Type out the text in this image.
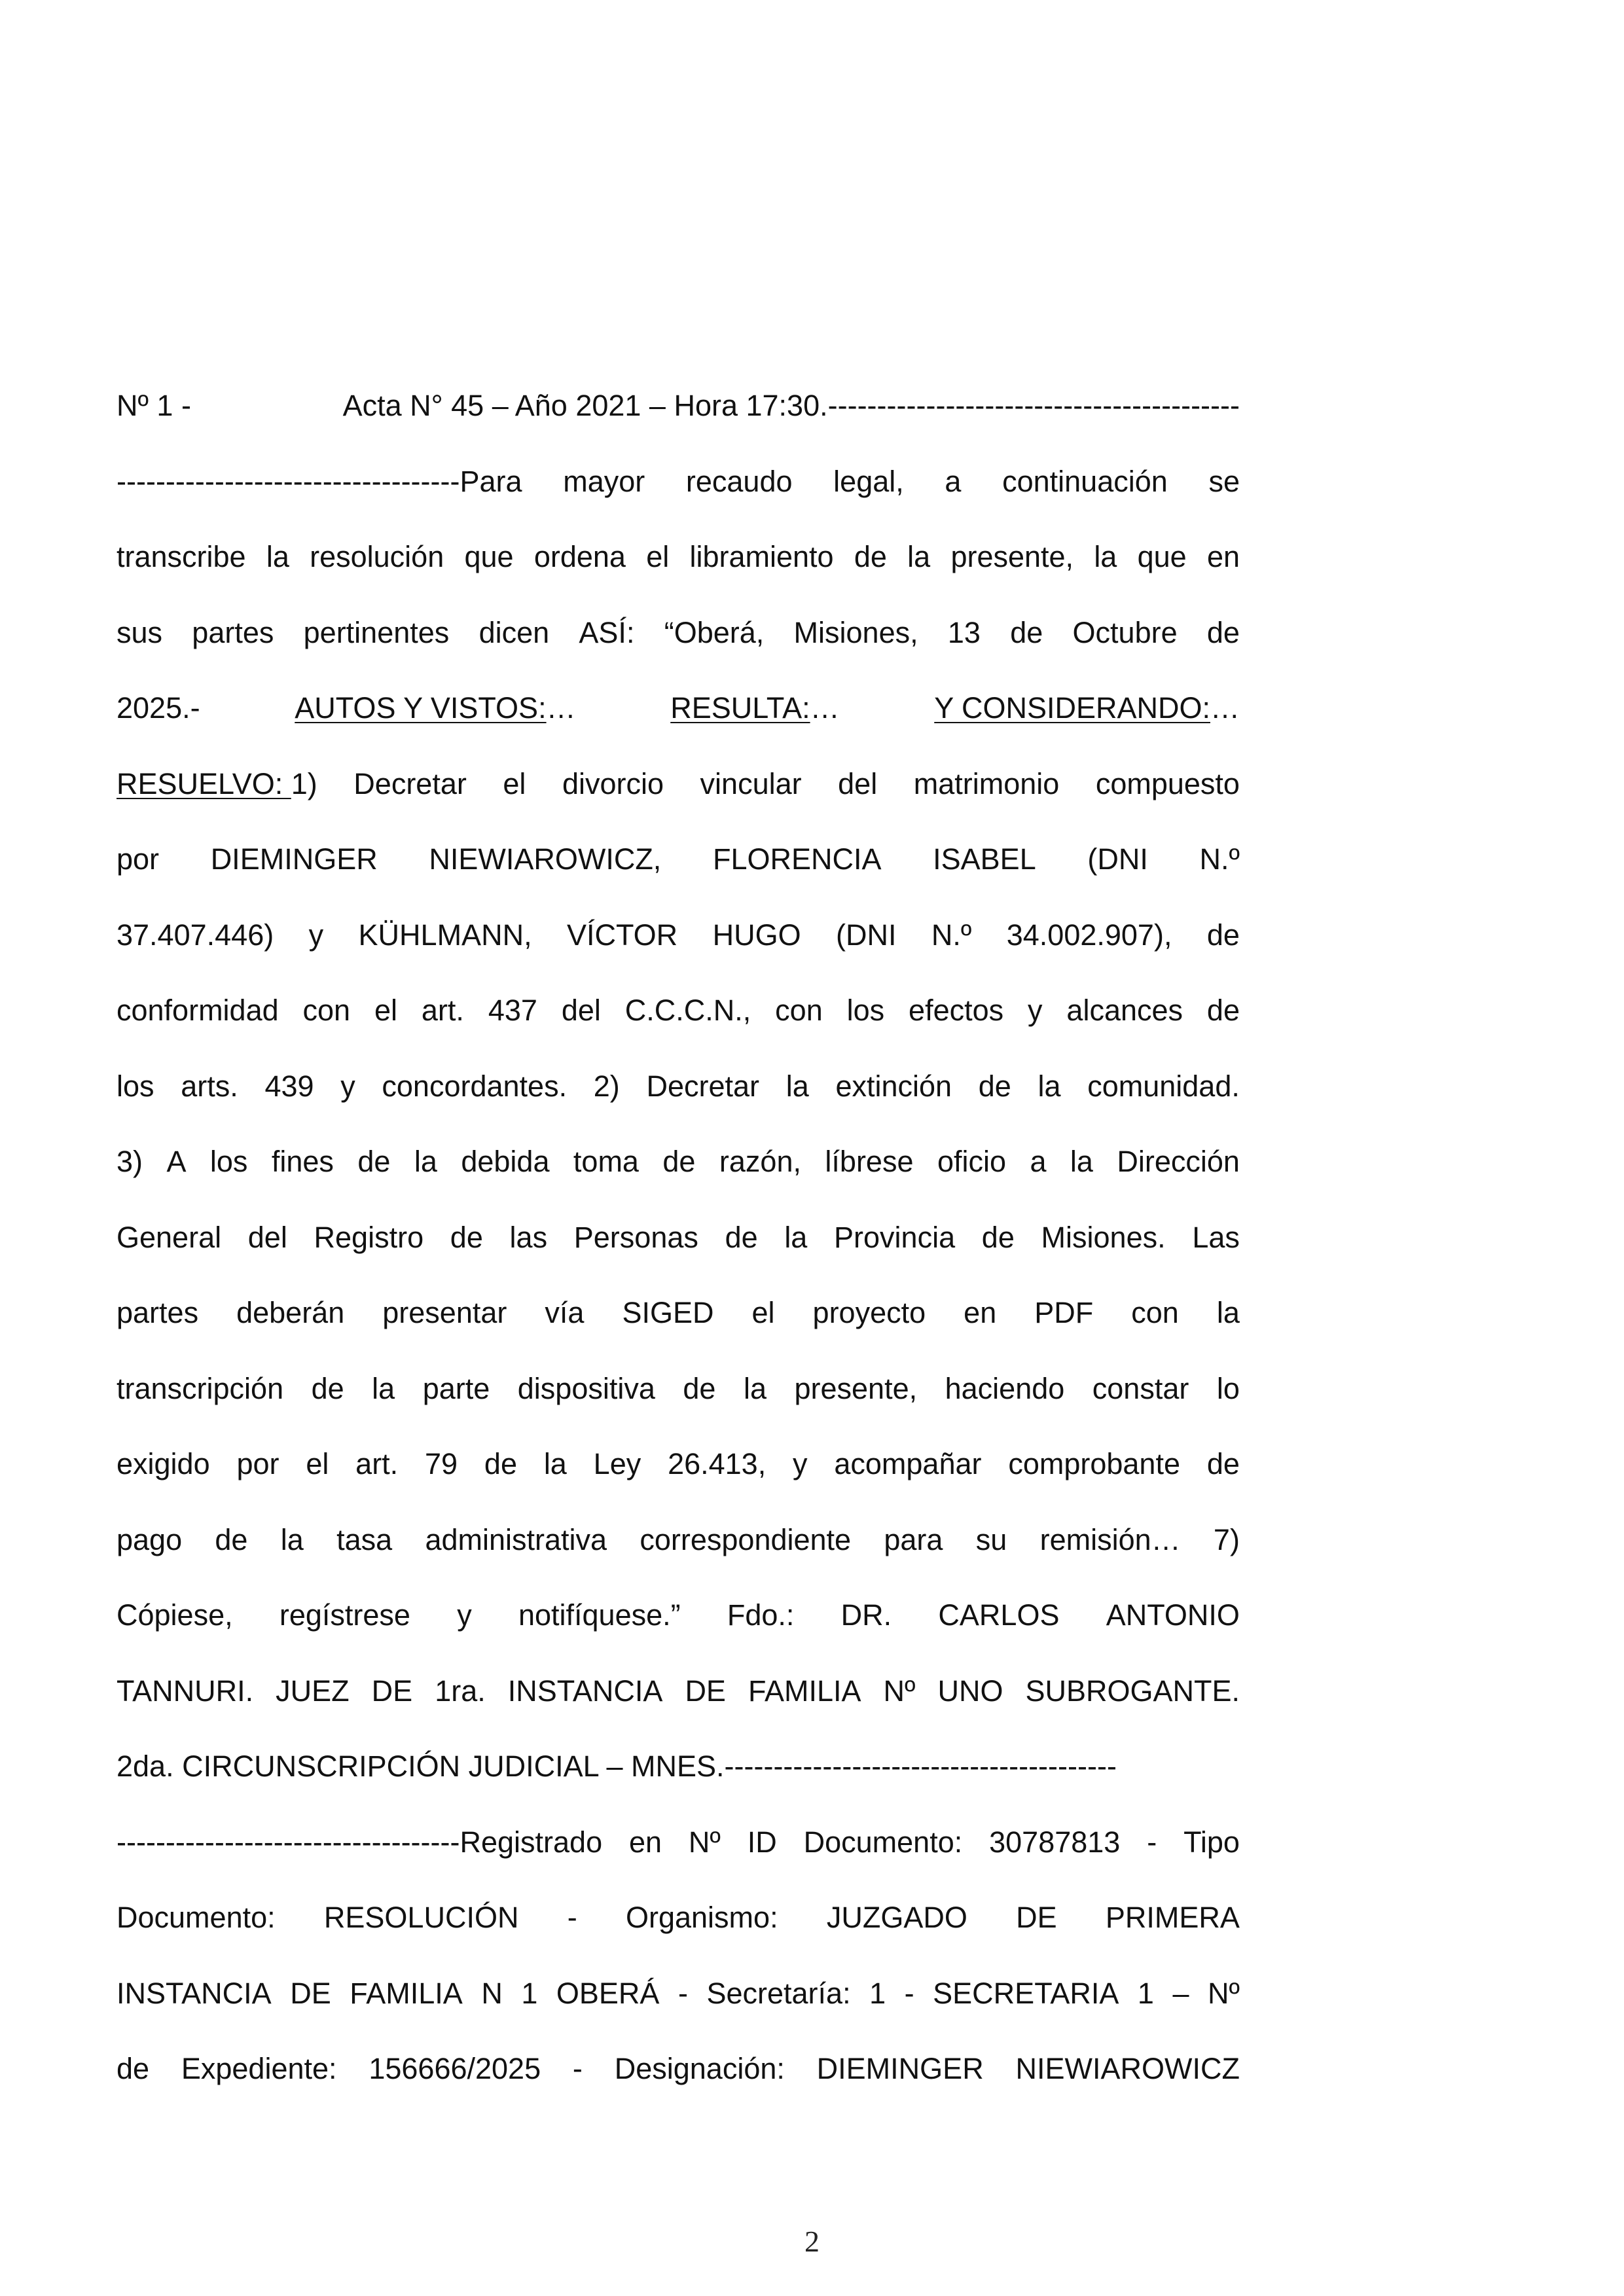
Nº 1 -	Acta N° 45 – Año 2021 – Hora 17:30.------------------------------------------
-----------------------------------Para mayor recaudo legal, a continuación se
transcribe la resolución que ordena el libramiento de la presente, la que en
sus partes pertinentes dicen ASÍ: “Oberá, Misiones, 13 de Octubre de
2025.-	AUTOS Y VISTOS:…	RESULTA:…	Y CONSIDERANDO:…
RESUELVO: 1) Decretar el divorcio vincular del matrimonio compuesto
por DIEMINGER NIEWIAROWICZ, FLORENCIA ISABEL (DNI N.º
37.407.446) y KÜHLMANN, VÍCTOR HUGO (DNI N.º 34.002.907), de
conformidad con el art. 437 del C.C.C.N., con los efectos y alcances de
los arts. 439 y concordantes. 2) Decretar la extinción de la comunidad.
3) A los fines de la debida toma de razón, líbrese oficio a la Dirección
General del Registro de las Personas de la Provincia de Misiones. Las
partes deberán presentar vía SIGED el proyecto en PDF con la
transcripción de la parte dispositiva de la presente, haciendo constar lo
exigido por el art. 79 de la Ley 26.413, y acompañar comprobante de
pago de la tasa administrativa correspondiente para su remisión… 7)
Cópiese, regístrese y notifíquese.” Fdo.: DR. CARLOS ANTONIO
TANNURI. JUEZ DE 1ra. INSTANCIA DE FAMILIA Nº UNO SUBROGANTE.
2da. CIRCUNSCRIPCIÓN JUDICIAL – MNES.----------------------------------------
-----------------------------------Registrado en Nº ID Documento: 30787813 - Tipo
Documento: RESOLUCIÓN - Organismo: JUZGADO DE PRIMERA
INSTANCIA DE FAMILIA N 1 OBERÁ - Secretaría: 1 - SECRETARIA 1 – Nº
de Expediente: 156666/2025 - Designación: DIEMINGER NIEWIAROWICZ
2
